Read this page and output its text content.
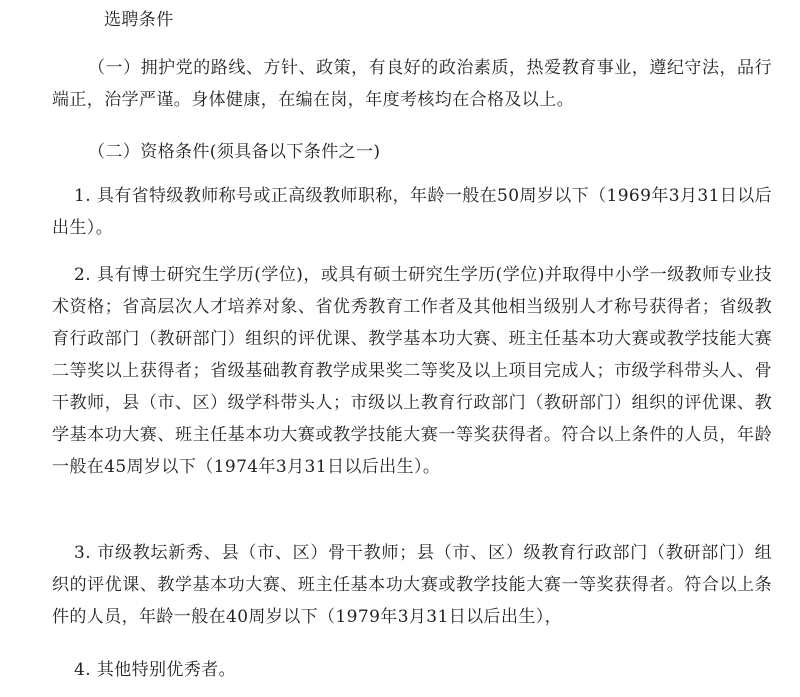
选聘条件

（一）拥护党的路线、方针、政策，有良好的政治素质，热爱教育事业，遵纪守法，品行端正，治学严谨。身体健康，在编在岗，年度考核均在合格及以上。

（二）资格条件(须具备以下条件之一)

1. 具有省特级教师称号或正高级教师职称，年龄一般在50周岁以下（1969年3月31日以后出生）。

2. 具有博士研究生学历(学位)，或具有硕士研究生学历(学位)并取得中小学一级教师专业技术资格；省高层次人才培养对象、省优秀教育工作者及其他相当级别人才称号获得者；省级教育行政部门（教研部门）组织的评优课、教学基本功大赛、班主任基本功大赛或教学技能大赛二等奖以上获得者；省级基础教育教学成果奖二等奖及以上项目完成人；市级学科带头人、骨干教师，县（市、区）级学科带头人；市级以上教育行政部门（教研部门）组织的评优课、教学基本功大赛、班主任基本功大赛或教学技能大赛一等奖获得者。符合以上条件的人员，年龄一般在45周岁以下（1974年3月31日以后出生）。

3. 市级教坛新秀、县（市、区）骨干教师；县（市、区）级教育行政部门（教研部门）组织的评优课、教学基本功大赛、班主任基本功大赛或教学技能大赛一等奖获得者。符合以上条件的人员，年龄一般在40周岁以下（1979年3月31日以后出生），

4. 其他特别优秀者。
